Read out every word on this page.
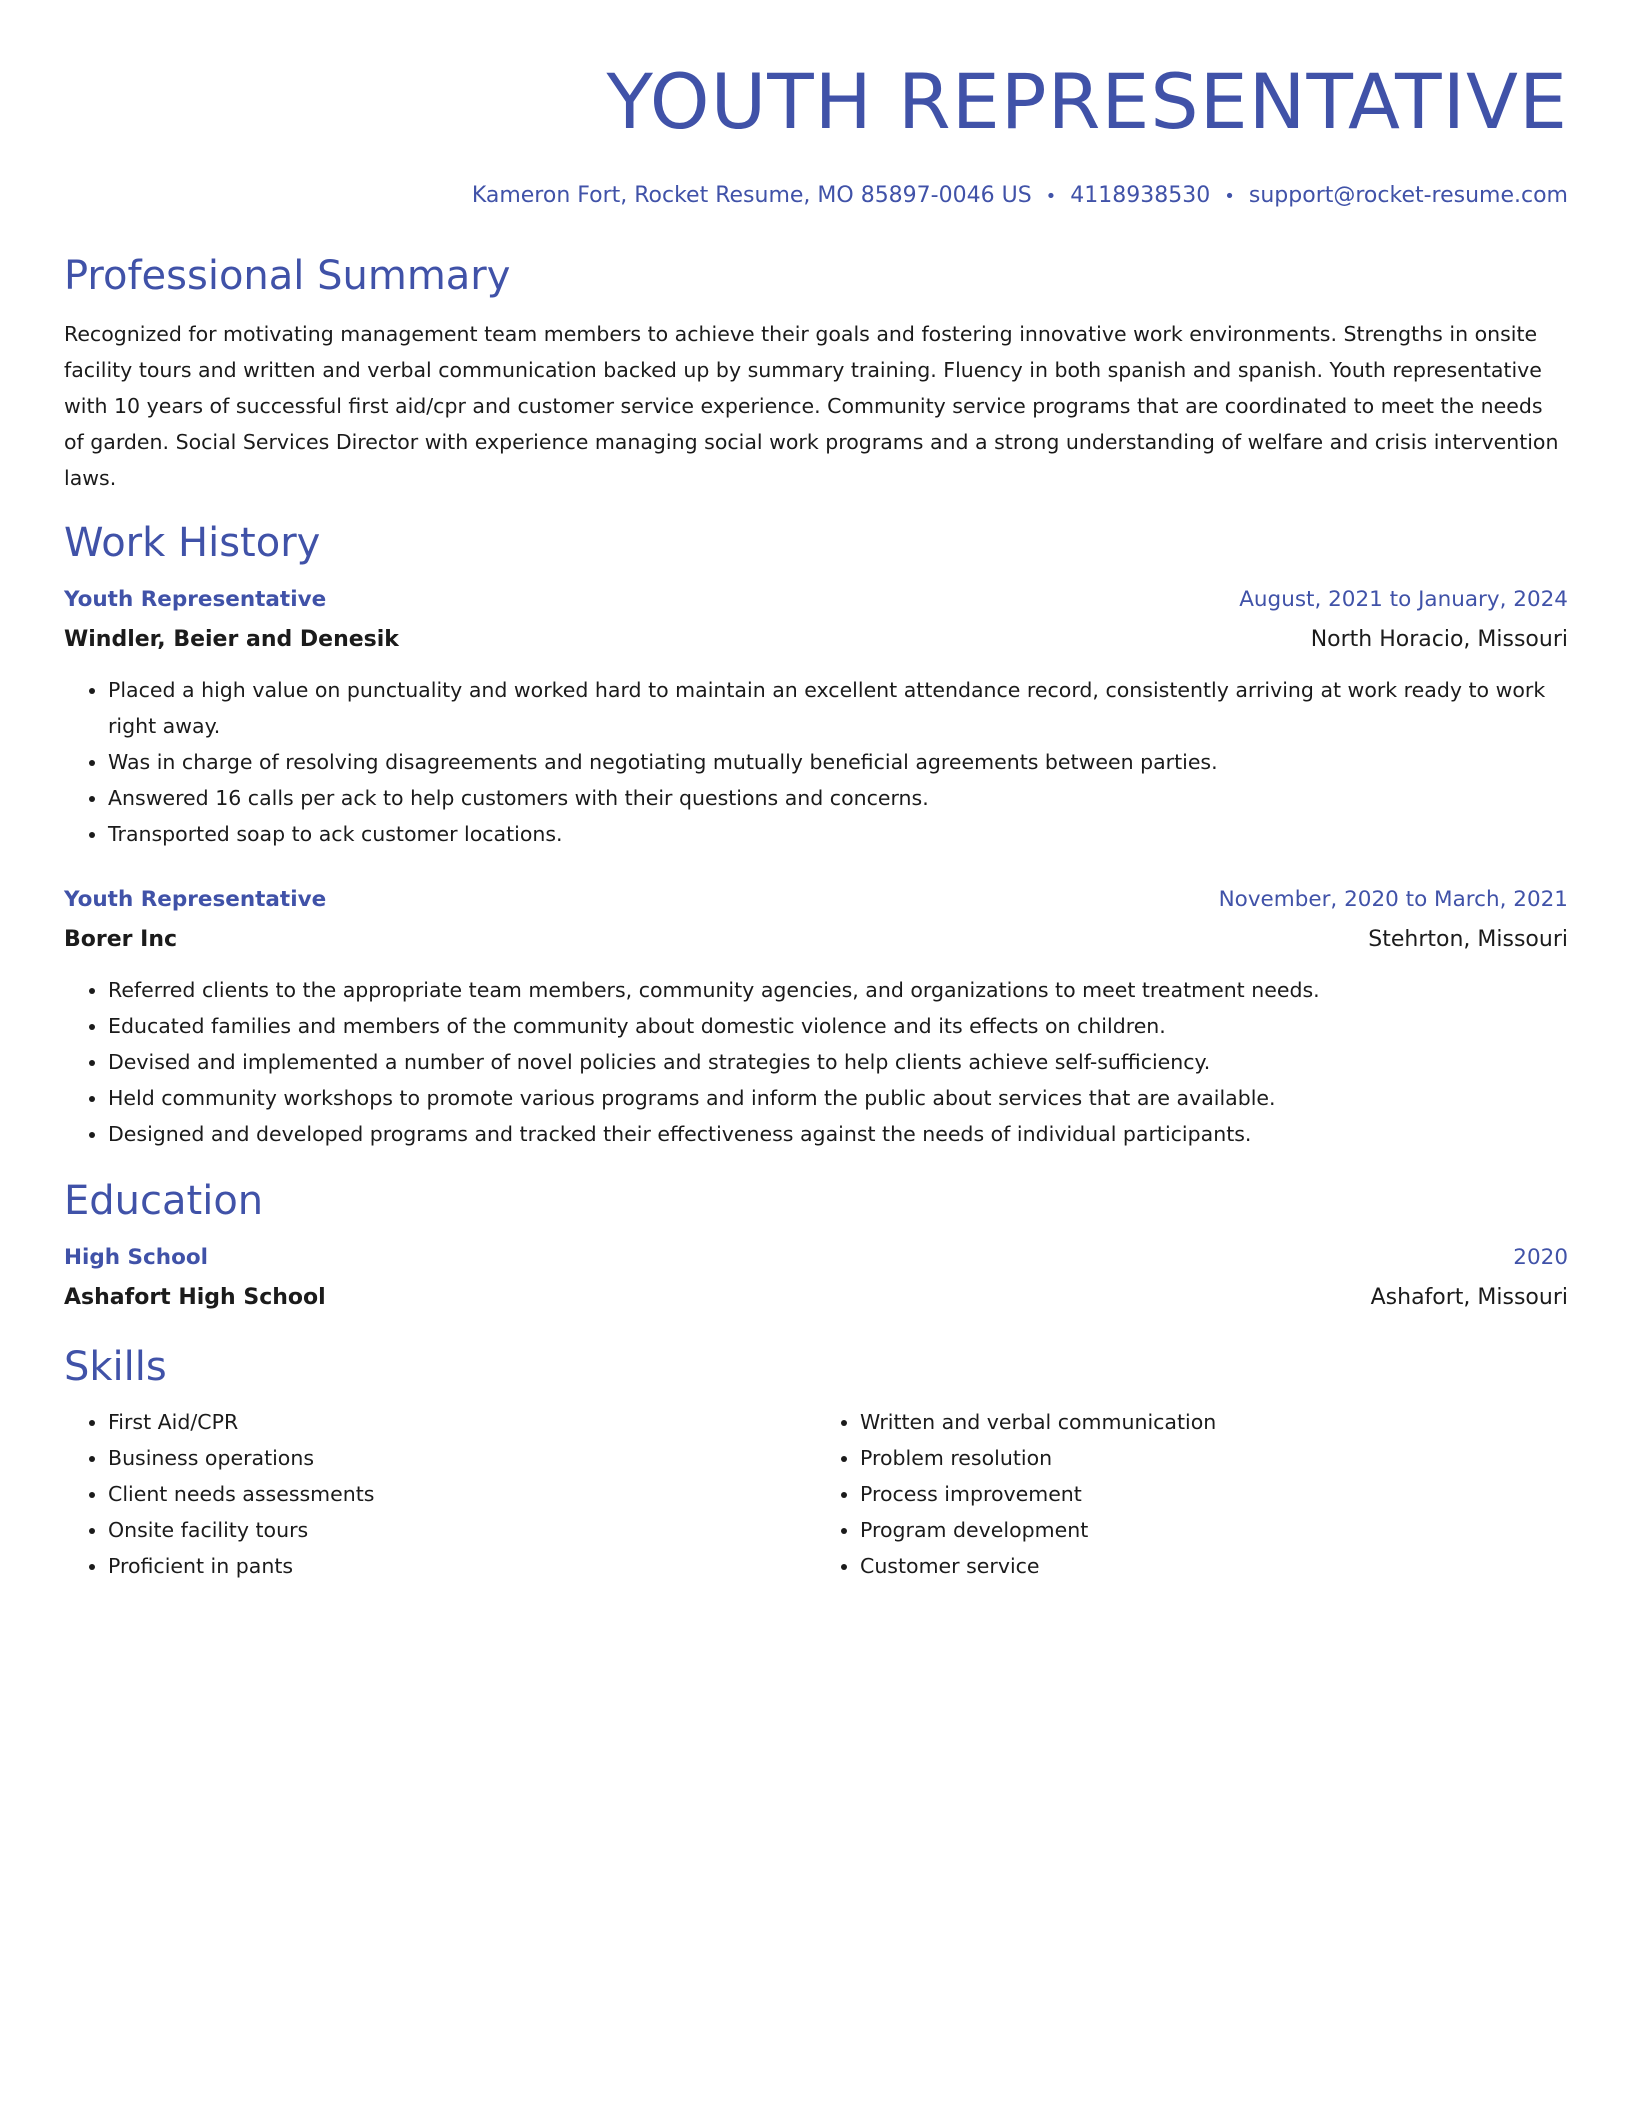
YOUTH REPRESENTATIVE
Kameron Fort, Rocket Resume, MO 85897-0046 US • 4118938530 • support@rocket-resume.com
Professional Summary
Recognized for motivating management team members to achieve their goals and fostering innovative work environments. Strengths in onsite facility tours and written and verbal communication backed up by summary training. Fluency in both spanish and spanish. Youth representative with 10 years of successful first aid/cpr and customer service experience. Community service programs that are coordinated to meet the needs of garden. Social Services Director with experience managing social work programs and a strong understanding of welfare and crisis intervention laws.
Work History
Youth Representative	August, 2021 to January, 2024
Windler, Beier and Denesik	North Horacio, Missouri
• Placed a high value on punctuality and worked hard to maintain an excellent attendance record, consistently arriving at work ready to work right away.
• Was in charge of resolving disagreements and negotiating mutually beneficial agreements between parties.
• Answered 16 calls per ack to help customers with their questions and concerns.
• Transported soap to ack customer locations.
Youth Representative	November, 2020 to March, 2021
Borer Inc	Stehrton, Missouri
• Referred clients to the appropriate team members, community agencies, and organizations to meet treatment needs.
• Educated families and members of the community about domestic violence and its effects on children.
• Devised and implemented a number of novel policies and strategies to help clients achieve self-sufficiency.
• Held community workshops to promote various programs and inform the public about services that are available.
• Designed and developed programs and tracked their effectiveness against the needs of individual participants.
Education
High School	2020
Ashafort High School	Ashafort, Missouri
Skills
• First Aid/CPR
• Business operations
• Client needs assessments
• Onsite facility tours
• Proficient in pants
• Written and verbal communication
• Problem resolution
• Process improvement
• Program development
• Customer service
